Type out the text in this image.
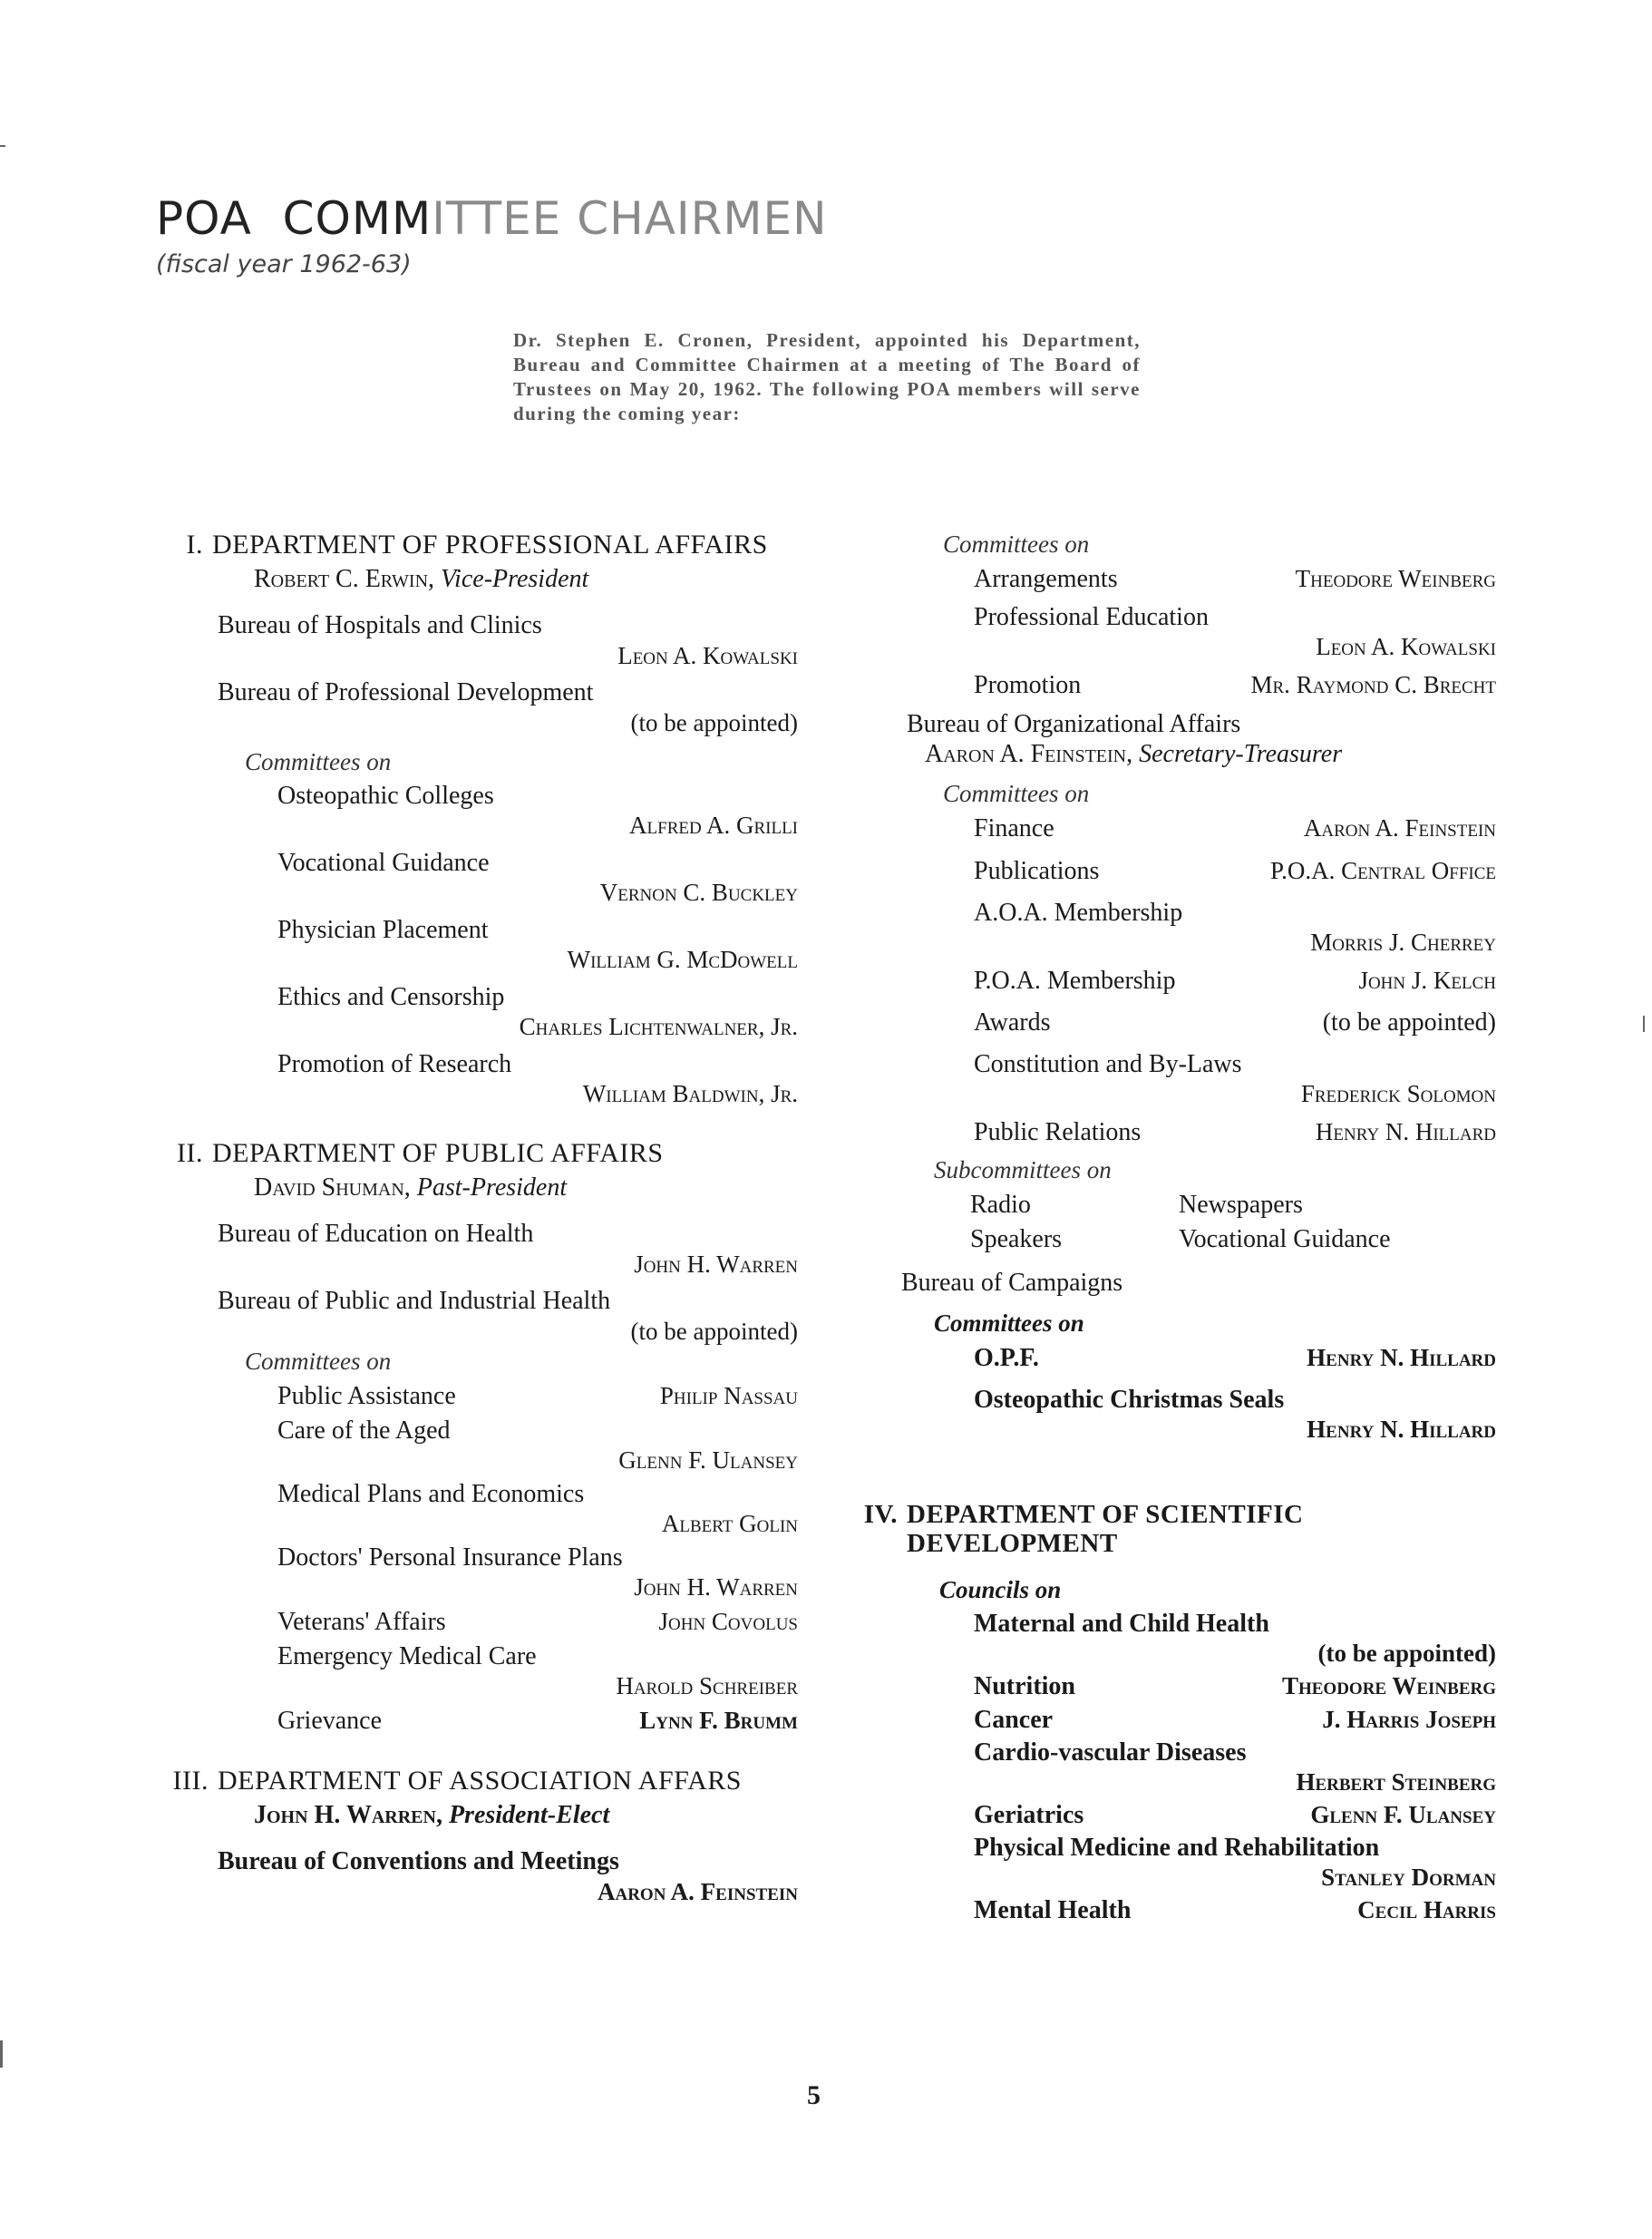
POA COMMITTEE CHAIRMEN
(fiscal year 1962-63)
Dr. Stephen E. Cronen, President, appointed his Department, Bureau and Committee Chairmen at a meeting of The Board of Trustees on May 20, 1962. The following POA members will serve during the coming year:
I. DEPARTMENT OF PROFESSIONAL AFFAIRS
Robert C. Erwin, Vice-President
Bureau of Hospitals and Clinics
Leon A. Kowalski
Bureau of Professional Development
(to be appointed)
Committees on
Osteopathic Colleges
Alfred A. Grilli
Vocational Guidance
Vernon C. Buckley
Physician Placement
William G. McDowell
Ethics and Censorship
Charles Lichtenwalner, Jr.
Promotion of Research
William Baldwin, Jr.
II. DEPARTMENT OF PUBLIC AFFAIRS
David Shuman, Past-President
Bureau of Education on Health
John H. Warren
Bureau of Public and Industrial Health
(to be appointed)
Committees on
Public Assistance	Philip Nassau
Care of the Aged
Glenn F. Ulansey
Medical Plans and Economics
Albert Golin
Doctors' Personal Insurance Plans
John H. Warren
Veterans' Affairs	John Covolus
Emergency Medical Care
Harold Schreiber
Grievance	Lynn F. Brumm
III. DEPARTMENT OF ASSOCIATION AFFARS
John H. Warren, President-Elect
Bureau of Conventions and Meetings
Aaron A. Feinstein
Committees on
Arrangements	Theodore Weinberg
Professional Education
Leon A. Kowalski
Promotion	Mr. Raymond C. Brecht
Bureau of Organizational Affairs
Aaron A. Feinstein, Secretary-Treasurer
Committees on
Finance	Aaron A. Feinstein
Publications	P.O.A. Central Office
A.O.A. Membership
Morris J. Cherrey
P.O.A. Membership	John J. Kelch
Awards	(to be appointed)
Constitution and By-Laws
Frederick Solomon
Public Relations	Henry N. Hillard
Subcommittees on
Radio	Newspapers
Speakers	Vocational Guidance
Bureau of Campaigns
Committees on
O.P.F.	Henry N. Hillard
Osteopathic Christmas Seals
Henry N. Hillard
IV. DEPARTMENT OF SCIENTIFIC DEVELOPMENT
Councils on
Maternal and Child Health
(to be appointed)
Nutrition	Theodore Weinberg
Cancer	J. Harris Joseph
Cardio-vascular Diseases
Herbert Steinberg
Geriatrics	Glenn F. Ulansey
Physical Medicine and Rehabilitation
Stanley Dorman
Mental Health	Cecil Harris
5
